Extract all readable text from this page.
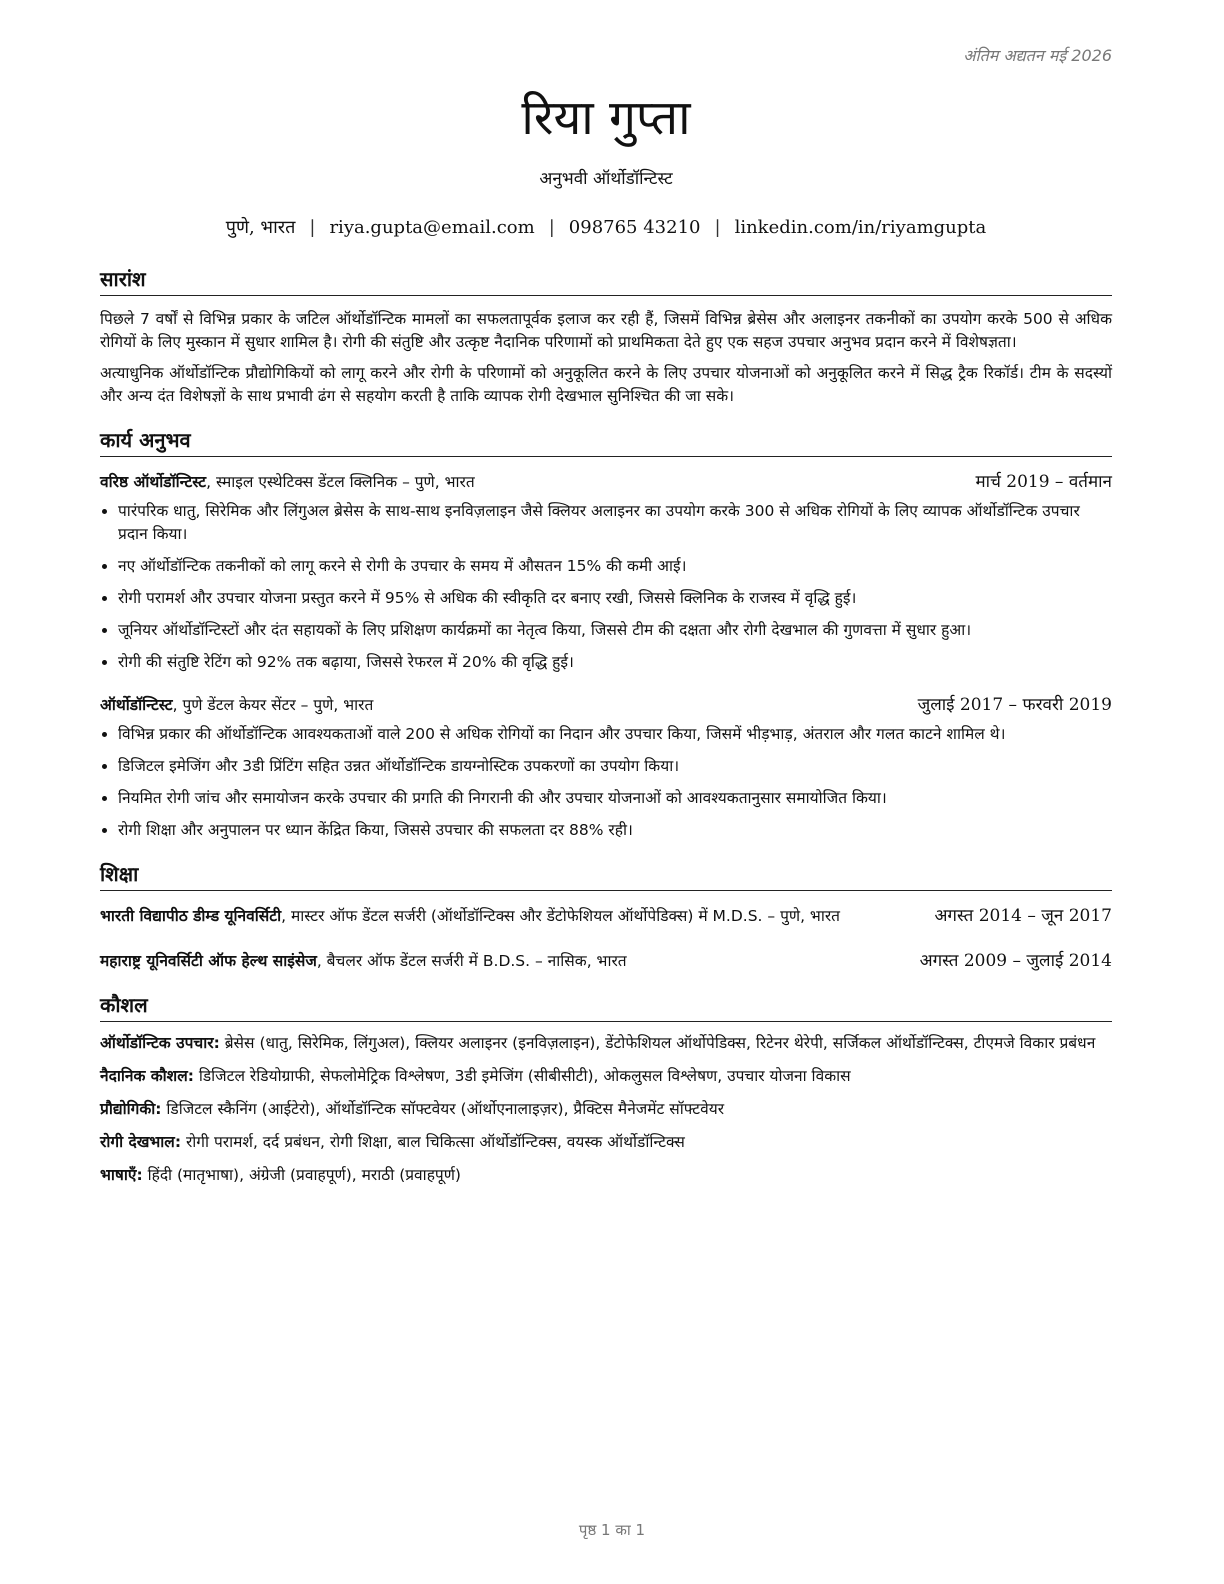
अंतिम अद्यतन मई 2026
रिया गुप्ता
अनुभवी ऑर्थोडॉन्टिस्ट
पुणे, भारत | riya.gupta@email.com | 098765 43210 | linkedin.com/in/riyamgupta
सारांश

पिछले 7 वर्षों से विभिन्न प्रकार के जटिल ऑर्थोडॉन्टिक मामलों का सफलतापूर्वक इलाज कर रही हैं, जिसमें विभिन्न ब्रेसेस और अलाइनर तकनीकों का उपयोग करके 500 से अधिक रोगियों के लिए मुस्कान में सुधार शामिल है। रोगी की संतुष्टि और उत्कृष्ट नैदानिक परिणामों को प्राथमिकता देते हुए एक सहज उपचार अनुभव प्रदान करने में विशेषज्ञता।

अत्याधुनिक ऑर्थोडॉन्टिक प्रौद्योगिकियों को लागू करने और रोगी के परिणामों को अनुकूलित करने के लिए उपचार योजनाओं को अनुकूलित करने में सिद्ध ट्रैक रिकॉर्ड। टीम के सदस्यों और अन्य दंत विशेषज्ञों के साथ प्रभावी ढंग से सहयोग करती है ताकि व्यापक रोगी देखभाल सुनिश्चित की जा सके।

कार्य अनुभव
वरिष्ठ ऑर्थोडॉन्टिस्ट, स्माइल एस्थेटिक्स डेंटल क्लिनिक – पुणे, भारत	मार्च 2019 – वर्तमान
• पारंपरिक धातु, सिरेमिक और लिंगुअल ब्रेसेस के साथ-साथ इनविज़लाइन जैसे क्लियर अलाइनर का उपयोग करके 300 से अधिक रोगियों के लिए व्यापक ऑर्थोडॉन्टिक उपचार प्रदान किया।
• नए ऑर्थोडॉन्टिक तकनीकों को लागू करने से रोगी के उपचार के समय में औसतन 15% की कमी आई।
• रोगी परामर्श और उपचार योजना प्रस्तुत करने में 95% से अधिक की स्वीकृति दर बनाए रखी, जिससे क्लिनिक के राजस्व में वृद्धि हुई।
• जूनियर ऑर्थोडॉन्टिस्टों और दंत सहायकों के लिए प्रशिक्षण कार्यक्रमों का नेतृत्व किया, जिससे टीम की दक्षता और रोगी देखभाल की गुणवत्ता में सुधार हुआ।
• रोगी की संतुष्टि रेटिंग को 92% तक बढ़ाया, जिससे रेफरल में 20% की वृद्धि हुई।
ऑर्थोडॉन्टिस्ट, पुणे डेंटल केयर सेंटर – पुणे, भारत	जुलाई 2017 – फरवरी 2019
• विभिन्न प्रकार की ऑर्थोडॉन्टिक आवश्यकताओं वाले 200 से अधिक रोगियों का निदान और उपचार किया, जिसमें भीड़भाड़, अंतराल और गलत काटने शामिल थे।
• डिजिटल इमेजिंग और 3डी प्रिंटिंग सहित उन्नत ऑर्थोडॉन्टिक डायग्नोस्टिक उपकरणों का उपयोग किया।
• नियमित रोगी जांच और समायोजन करके उपचार की प्रगति की निगरानी की और उपचार योजनाओं को आवश्यकतानुसार समायोजित किया।
• रोगी शिक्षा और अनुपालन पर ध्यान केंद्रित किया, जिससे उपचार की सफलता दर 88% रही।
शिक्षा
भारती विद्यापीठ डीम्ड यूनिवर्सिटी, मास्टर ऑफ डेंटल सर्जरी (ऑर्थोडॉन्टिक्स और डेंटोफेशियल ऑर्थोपेडिक्स) में M.D.S. – पुणे, भारत	अगस्त 2014 – जून 2017
महाराष्ट्र यूनिवर्सिटी ऑफ हेल्थ साइंसेज, बैचलर ऑफ डेंटल सर्जरी में B.D.S. – नासिक, भारत	अगस्त 2009 – जुलाई 2014
कौशल
ऑर्थोडॉन्टिक उपचार: ब्रेसेस (धातु, सिरेमिक, लिंगुअल), क्लियर अलाइनर (इनविज़लाइन), डेंटोफेशियल ऑर्थोपेडिक्स, रिटेनर थेरेपी, सर्जिकल ऑर्थोडॉन्टिक्स, टीएमजे विकार प्रबंधन
नैदानिक कौशल: डिजिटल रेडियोग्राफी, सेफलोमेट्रिक विश्लेषण, 3डी इमेजिंग (सीबीसीटी), ओकलुसल विश्लेषण, उपचार योजना विकास
प्रौद्योगिकी: डिजिटल स्कैनिंग (आईटेरो), ऑर्थोडॉन्टिक सॉफ्टवेयर (ऑर्थोएनालाइज़र), प्रैक्टिस मैनेजमेंट सॉफ्टवेयर
रोगी देखभाल: रोगी परामर्श, दर्द प्रबंधन, रोगी शिक्षा, बाल चिकित्सा ऑर्थोडॉन्टिक्स, वयस्क ऑर्थोडॉन्टिक्स
भाषाएँ: हिंदी (मातृभाषा), अंग्रेजी (प्रवाहपूर्ण), मराठी (प्रवाहपूर्ण)
पृष्ठ 1 का 1
